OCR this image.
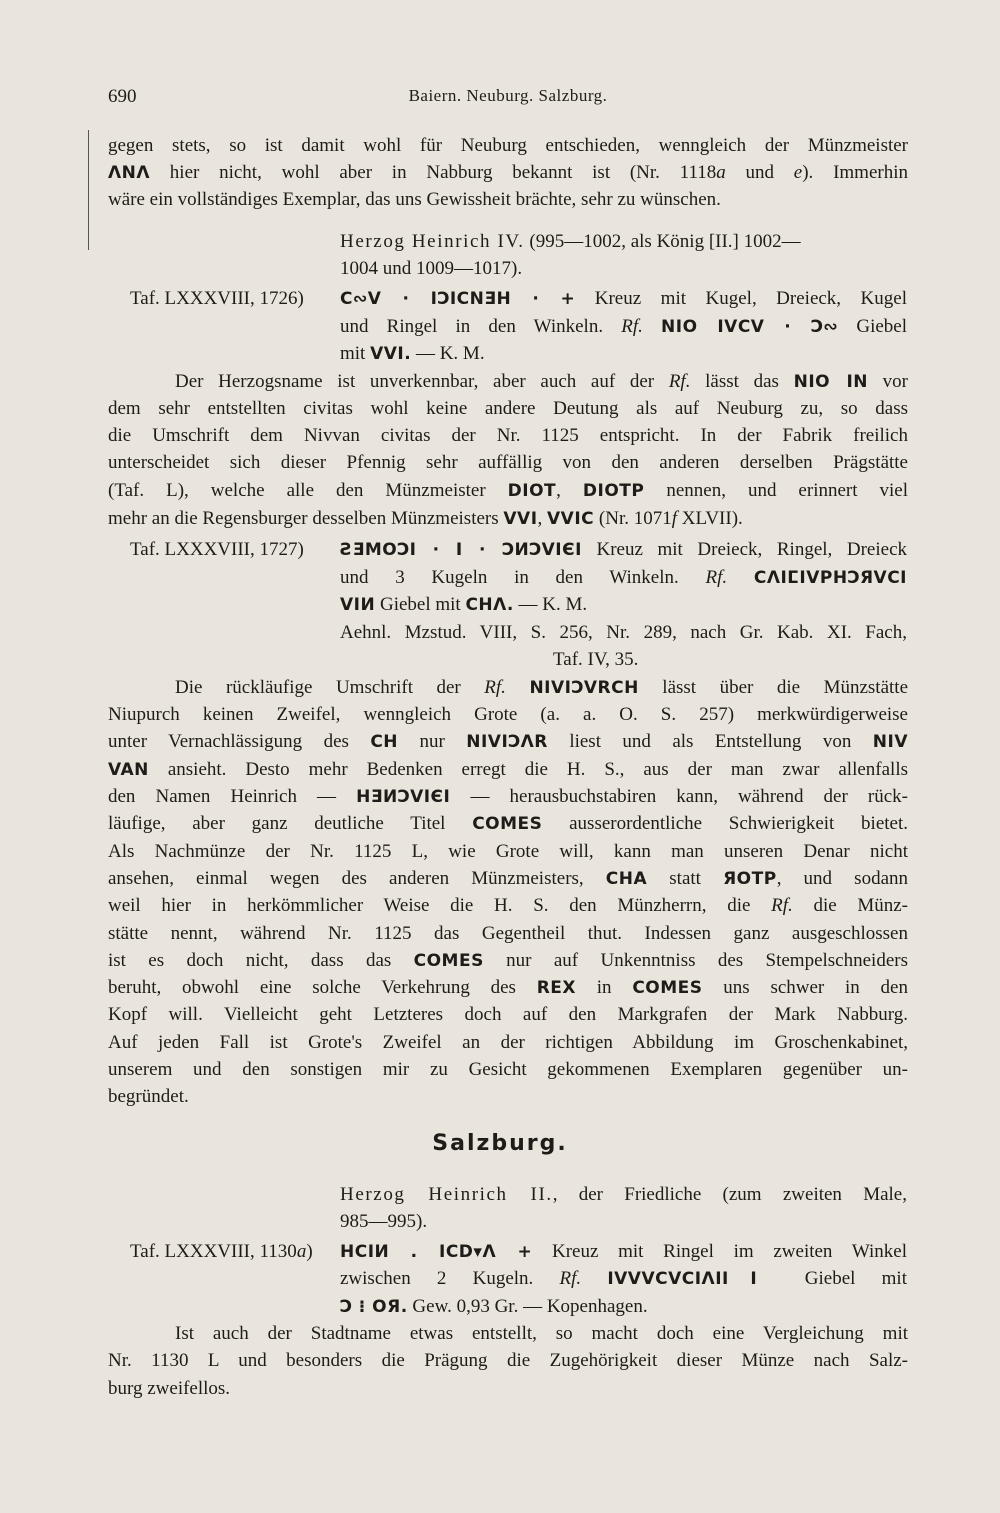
690	Baiern. Neuburg. Salzburg.
gegen stets, so ist damit wohl für Neuburg entschieden, wenngleich der Münzmeister
ΛNΛ hier nicht, wohl aber in Nabburg bekannt ist (Nr. 1118a und e). Immerhin
wäre ein vollständiges Exemplar, das uns Gewissheit brächte, sehr zu wünschen.
Herzog Heinrich IV. (995—1002, als König [II.] 1002—
1004 und 1009—1017).
Taf. LXXXVIII, 1726) C∾V · IϽICNƎH · + Kreuz mit Kugel, Dreieck, Kugel
und Ringel in den Winkeln. Rf. NIO IVCV · Ͻ∾ Giebel
mit VVI. — K. M.
Der Herzogsname ist unverkennbar, aber auch auf der Rf. lässt das NIO IN vor
dem sehr entstellten civitas wohl keine andere Deutung als auf Neuburg zu, so dass
die Umschrift dem Nivvan civitas der Nr. 1125 entspricht. In der Fabrik freilich
unterscheidet sich dieser Pfennig sehr auffällig von den anderen derselben Prägstätte
(Taf. L), welche alle den Münzmeister DIOT, DIOTP nennen, und erinnert viel
mehr an die Regensburger desselben Münzmeisters VVI, VVIC (Nr. 1071f XLVII).
Taf. LXXXVIII, 1727) ƧƎMOϽI · I · ϽИϽVIЄI Kreuz mit Dreieck, Ringel, Dreieck
und 3 Kugeln in den Winkeln. Rf. CΛIⵎIVPHϽЯVCI
VIИ Giebel mit CHΛ. — K. M.
Aehnl. Mzstud. VIII, S. 256, Nr. 289, nach Gr. Kab. XI. Fach,
Taf. IV, 35.
Die rückläufige Umschrift der Rf. NIVIϽVRCH lässt über die Münzstätte
Niupurch keinen Zweifel, wenngleich Grote (a. a. O. S. 257) merkwürdigerweise
unter Vernachlässigung des CH nur NIVIϽΛR liest und als Entstellung von NIV
VAN ansieht. Desto mehr Bedenken erregt die H. S., aus der man zwar allenfalls
den Namen Heinrich — HƎИϽVIЄI — herausbuchstabiren kann, während der rück-
läufige, aber ganz deutliche Titel COMES ausserordentliche Schwierigkeit bietet.
Als Nachmünze der Nr. 1125 L, wie Grote will, kann man unseren Denar nicht
ansehen, einmal wegen des anderen Münzmeisters, CHA statt ЯOTP, und sodann
weil hier in herkömmlicher Weise die H. S. den Münzherrn, die Rf. die Münz-
stätte nennt, während Nr. 1125 das Gegentheil thut. Indessen ganz ausgeschlossen
ist es doch nicht, dass das COMES nur auf Unkenntniss des Stempelschneiders
beruht, obwohl eine solche Verkehrung des REX in COMES uns schwer in den
Kopf will. Vielleicht geht Letzteres doch auf den Markgrafen der Mark Nabburg.
Auf jeden Fall ist Grote's Zweifel an der richtigen Abbildung im Groschenkabinet,
unserem und den sonstigen mir zu Gesicht gekommenen Exemplaren gegenüber un-
begründet.
Salzburg.
Herzog Heinrich II., der Friedliche (zum zweiten Male,
985—995).
Taf. LXXXVIII, 1130a) HCIИ . ICD▾Λ + Kreuz mit Ringel im zweiten Winkel
zwischen 2 Kugeln. Rf. IVVVCVCIΛIIⅠ Giebel mit
Ͻ ⁝ OЯ. Gew. 0,93 Gr. — Kopenhagen.
Ist auch der Stadtname etwas entstellt, so macht doch eine Vergleichung mit
Nr. 1130 L und besonders die Prägung die Zugehörigkeit dieser Münze nach Salz-
burg zweifellos.
